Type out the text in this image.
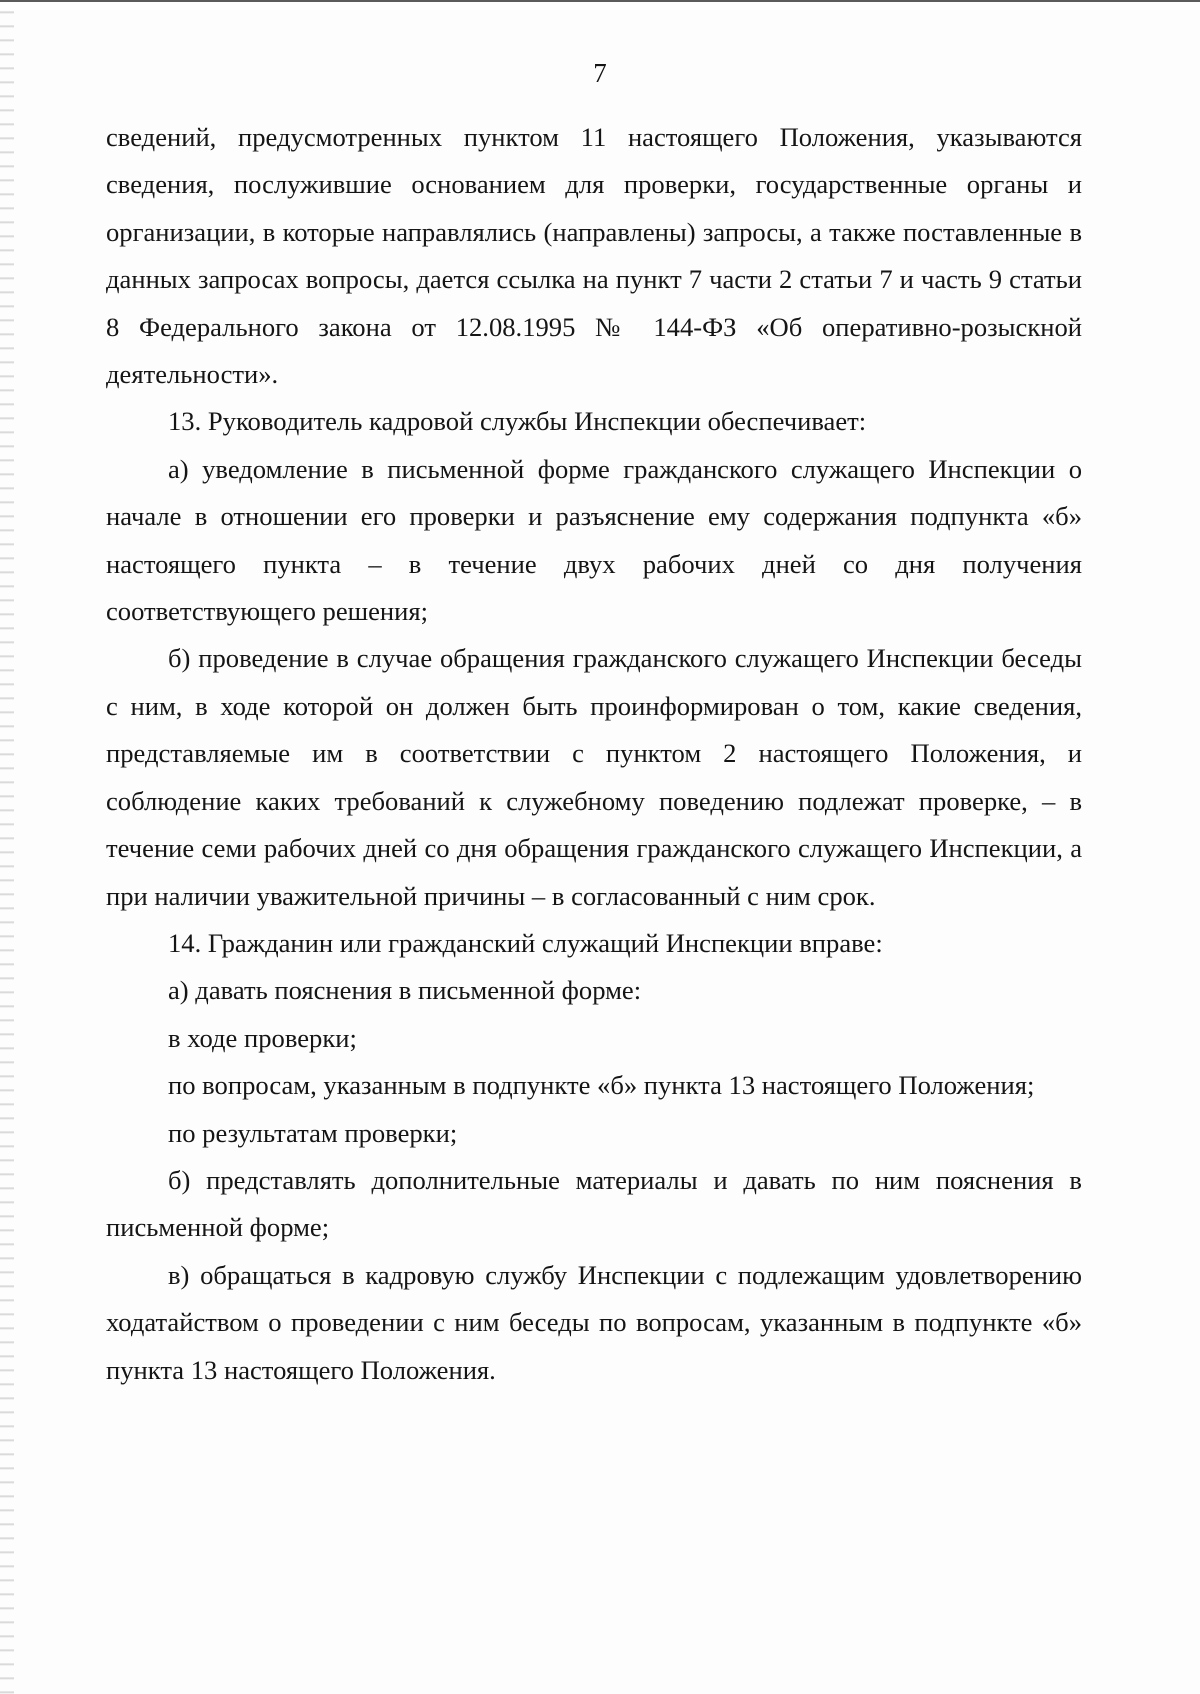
7

сведений, предусмотренных пунктом 11 настоящего Положения, указываются сведения, послужившие основанием для проверки, государственные органы и организации, в которые направлялись (направлены) запросы, а также поставленные в данных запросах вопросы, дается ссылка на пункт 7 части 2 статьи 7 и часть 9 статьи 8 Федерального закона от 12.08.1995 № 144-ФЗ «Об оперативно-розыскной деятельности».

13. Руководитель кадровой службы Инспекции обеспечивает:

а) уведомление в письменной форме гражданского служащего Инспекции о начале в отношении его проверки и разъяснение ему содержания подпункта «б» настоящего пункта – в течение двух рабочих дней со дня получения соответствующего решения;

б) проведение в случае обращения гражданского служащего Инспекции беседы с ним, в ходе которой он должен быть проинформирован о том, какие сведения, представляемые им в соответствии с пунктом 2 настоящего Положения, и соблюдение каких требований к служебному поведению подлежат проверке, – в течение семи рабочих дней со дня обращения гражданского служащего Инспекции, а при наличии уважительной причины – в согласованный с ним срок.

14. Гражданин или гражданский служащий Инспекции вправе:

а) давать пояснения в письменной форме:

в ходе проверки;

по вопросам, указанным в подпункте «б» пункта 13 настоящего Положения;

по результатам проверки;

б) представлять дополнительные материалы и давать по ним пояснения в письменной форме;

в) обращаться в кадровую службу Инспекции с подлежащим удовлетворению ходатайством о проведении с ним беседы по вопросам, указанным в подпункте «б» пункта 13 настоящего Положения.
